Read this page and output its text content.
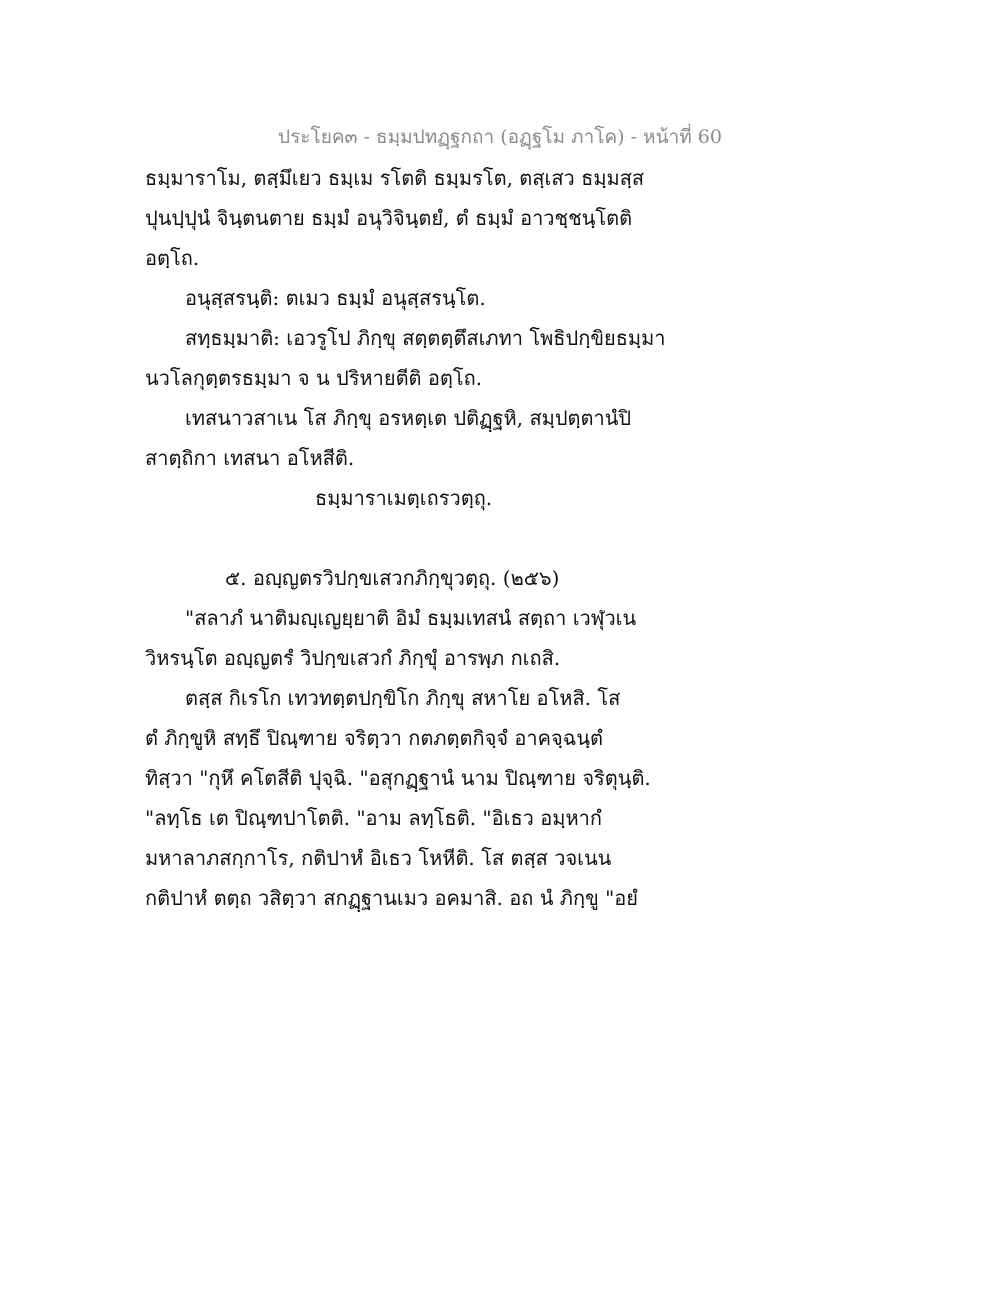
ประโยค๓ - ธมฺมปทฏฺฐกถา (อฏฺฐโม ภาโค) - หน้าที่ 60
ธมฺมาราโม, ตสฺมึเยว ธมฺเม รโตติ ธมฺมรโต, ตสฺเสว ธมฺมสฺส
ปุนปฺปุนํ จินฺตนตาย ธมฺมํ อนุวิจินฺตยํ, ตํ ธมฺมํ อาวชฺชนฺโตติ
อตฺโถ.
อนุสฺสรนฺติ: ตเมว ธมฺมํ อนุสฺสรนฺโต.
สทฺธมฺมาติ: เอวรูโป ภิกฺขุ สตฺตตฺตึสเภทา โพธิปกฺขิยธมฺมา
นวโลกุตฺตรธมฺมา จ น ปริหายตีติ อตฺโถ.
เทสนาวสาเน โส ภิกฺขุ อรหตฺเต ปติฏฺฐหิ, สมฺปตฺตานํปิ
สาตฺถิกา เทสนา อโหสีติ.
ธมฺมาราเมตฺเถรวตฺถุ.
๕. อญฺญตรวิปกฺขเสวกภิกฺขุวตฺถุ. (๒๕๖)
"สลาภํ นาติมญฺเญยฺยาติ อิมํ ธมฺมเทสนํ สตฺถา เวฬุวเน
วิหรนฺโต อญฺญตรํ วิปกฺขเสวกํ ภิกฺขุํ อารพฺภ กเถสิ.
ตสฺส กิเรโก เทวทตฺตปกฺขิโก ภิกฺขุ สหาโย อโหสิ. โส
ตํ ภิกฺขูหิ สทฺธึ ปิณฺฑาย จริตฺวา กตภตฺตกิจฺจํ อาคจฺฉนฺตํ
ทิสฺวา "กุหึ คโตสีติ ปุจฺฉิ. "อสุกฏฺฐานํ นาม ปิณฺฑาย จริตุนฺติ.
"ลทฺโธ เต ปิณฺฑปาโตติ. "อาม ลทฺโธติ. "อิเธว อมฺหากํ
มหาลาภสกฺกาโร, กติปาหํ อิเธว โหหีติ. โส ตสฺส วจเนน
กติปาหํ ตตฺถ วสิตฺวา สกฏฺฐานเมว อคมาสิ. อถ นํ ภิกฺขู "อยํ
